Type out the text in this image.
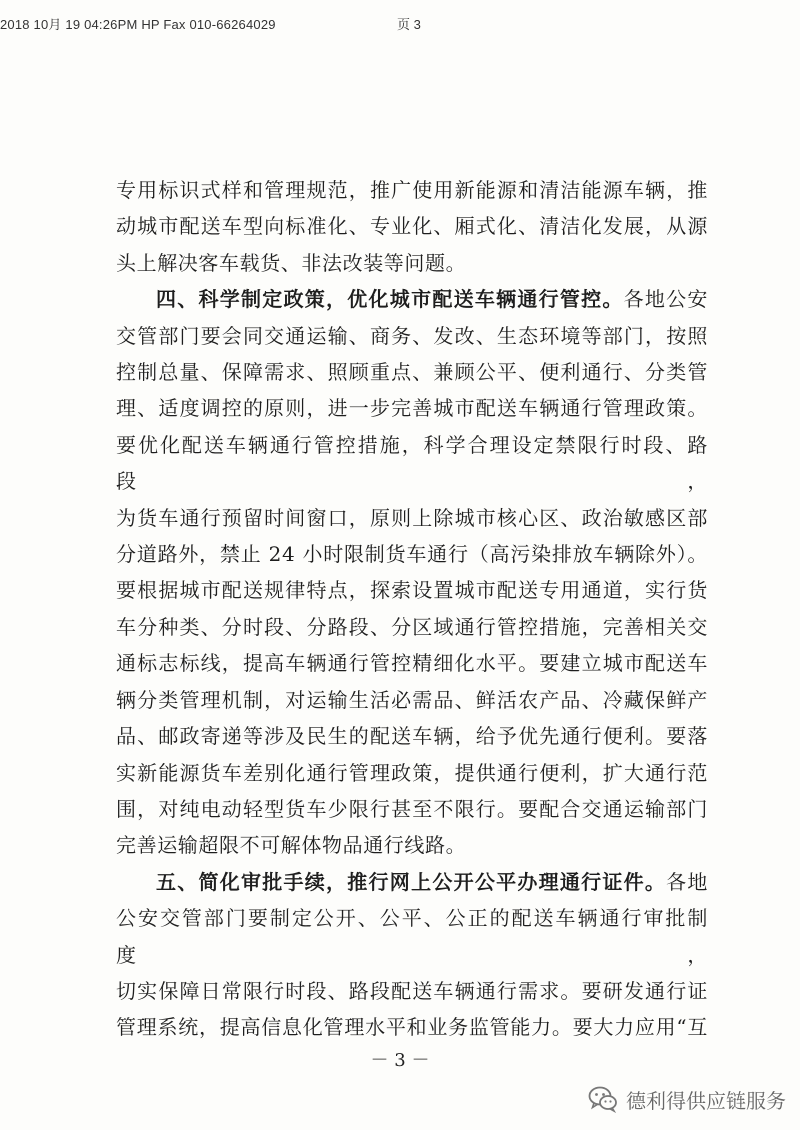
2018 10月 19 04:26PM HP Fax 010-66264029	页 3

专用标识式样和管理规范，推广使用新能源和清洁能源车辆，推

动城市配送车型向标准化、专业化、厢式化、清洁化发展，从源

头上解决客车载货、非法改装等问题。

四、科学制定政策，优化城市配送车辆通行管控。各地公安

交管部门要会同交通运输、商务、发改、生态环境等部门，按照

控制总量、保障需求、照顾重点、兼顾公平、便利通行、分类管

理、适度调控的原则，进一步完善城市配送车辆通行管理政策。

要优化配送车辆通行管控措施，科学合理设定禁限行时段、路段，

为货车通行预留时间窗口，原则上除城市核心区、政治敏感区部

分道路外，禁止 24 小时限制货车通行（高污染排放车辆除外）。

要根据城市配送规律特点，探索设置城市配送专用通道，实行货

车分种类、分时段、分路段、分区域通行管控措施，完善相关交

通标志标线，提高车辆通行管控精细化水平。要建立城市配送车

辆分类管理机制，对运输生活必需品、鲜活农产品、冷藏保鲜产

品、邮政寄递等涉及民生的配送车辆，给予优先通行便利。要落

实新能源货车差别化通行管理政策，提供通行便利，扩大通行范

围，对纯电动轻型货车少限行甚至不限行。要配合交通运输部门

完善运输超限不可解体物品通行线路。

五、简化审批手续，推行网上公开公平办理通行证件。各地

公安交管部门要制定公开、公平、公正的配送车辆通行审批制度，

切实保障日常限行时段、路段配送车辆通行需求。要研发通行证

管理系统，提高信息化管理水平和业务监管能力。要大力应用“互

－ 3 －
德利得供应链服务
